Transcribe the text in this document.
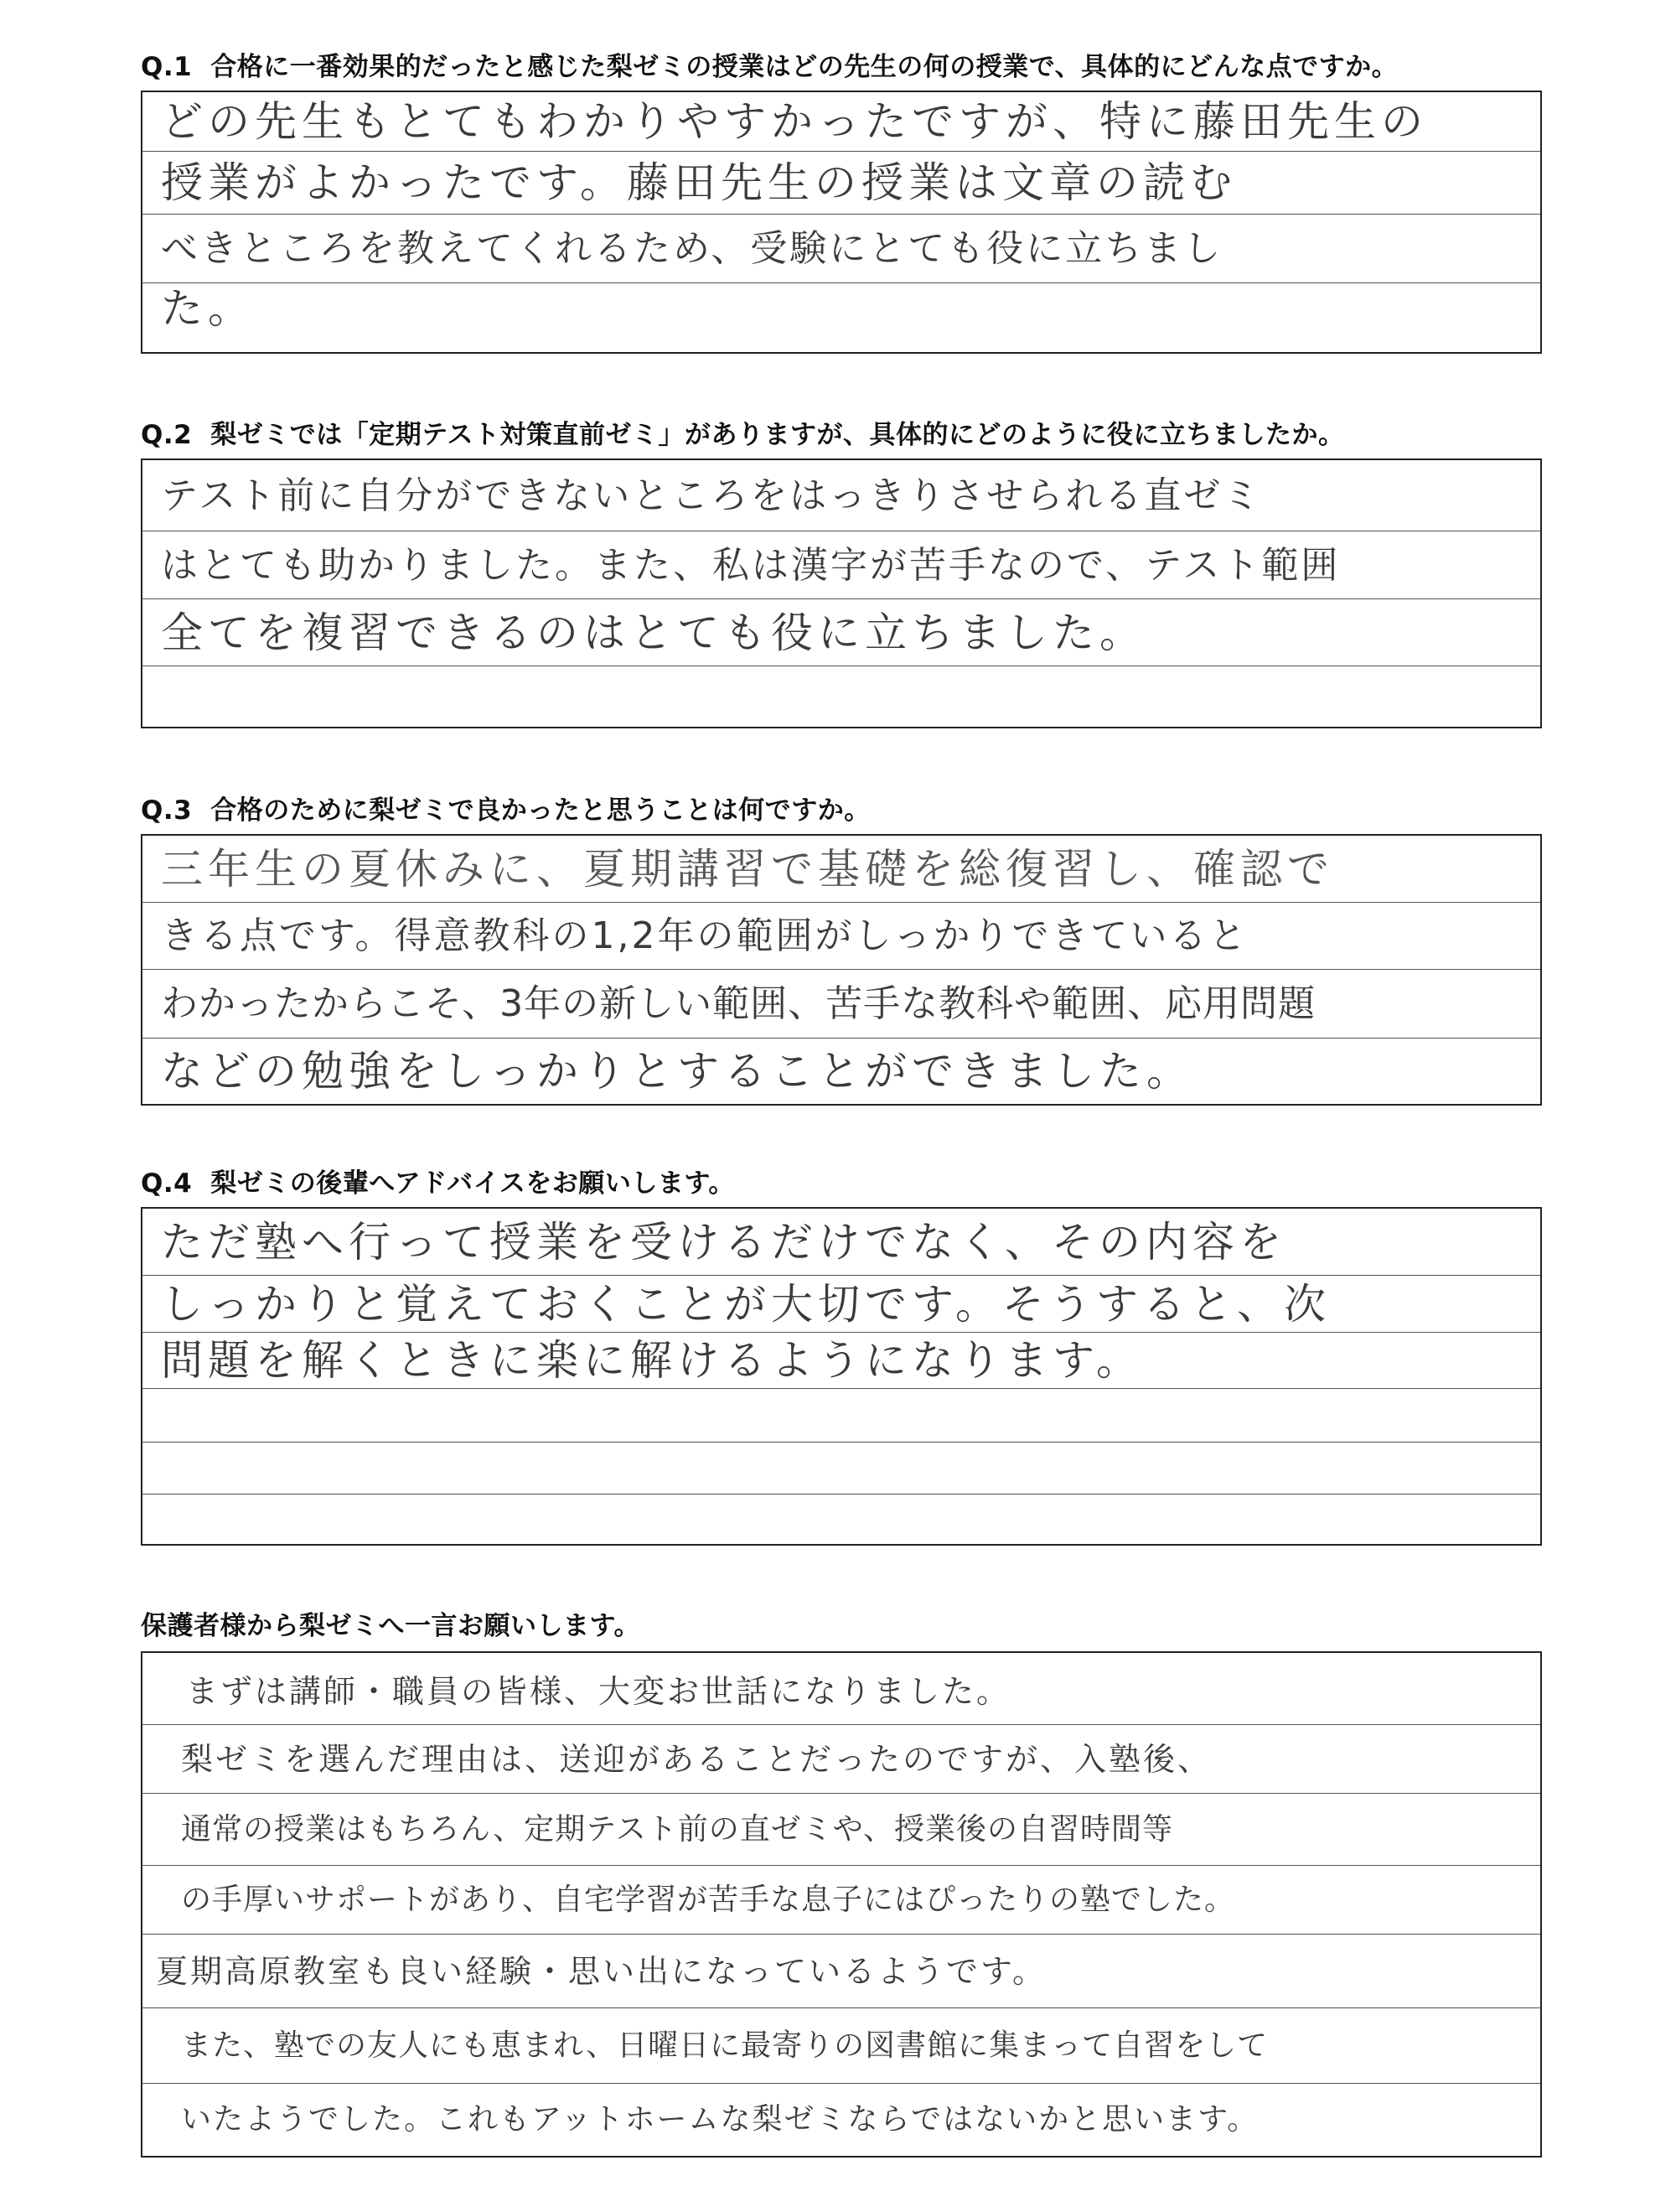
Q.1 合格に一番効果的だったと感じた梨ゼミの授業はどの先生の何の授業で、具体的にどんな点ですか。
どの先生もとてもわかりやすかったですが、特に藤田先生の
授業がよかったです。藤田先生の授業は文章の読む
べきところを教えてくれるため、受験にとても役に立ちまし
た。
Q.2 梨ゼミでは「定期テスト対策直前ゼミ」がありますが、具体的にどのように役に立ちましたか。
テスト前に自分ができないところをはっきりさせられる直ゼミ
はとても助かりました。また、私は漢字が苦手なので、テスト範囲
全てを複習できるのはとても役に立ちました。
Q.3 合格のために梨ゼミで良かったと思うことは何ですか。
三年生の夏休みに、夏期講習で基礎を総復習し、確認で
きる点です。得意教科の1,2年の範囲がしっかりできていると
わかったからこそ、3年の新しい範囲、苦手な教科や範囲、応用問題
などの勉強をしっかりとすることができました。
Q.4 梨ゼミの後輩へアドバイスをお願いします。
ただ塾へ行って授業を受けるだけでなく、その内容を
しっかりと覚えておくことが大切です。そうすると、次
問題を解くときに楽に解けるようになります。
保護者様から梨ゼミへ一言お願いします。
まずは講師・職員の皆様、大変お世話になりました。
梨ゼミを選んだ理由は、送迎があることだったのですが、入塾後、
通常の授業はもちろん、定期テスト前の直ゼミや、授業後の自習時間等
の手厚いサポートがあり、自宅学習が苦手な息子にはぴったりの塾でした。
夏期高原教室も良い経験・思い出になっているようです。
また、塾での友人にも恵まれ、日曜日に最寄りの図書館に集まって自習をして
いたようでした。これもアットホームな梨ゼミならではないかと思います。
